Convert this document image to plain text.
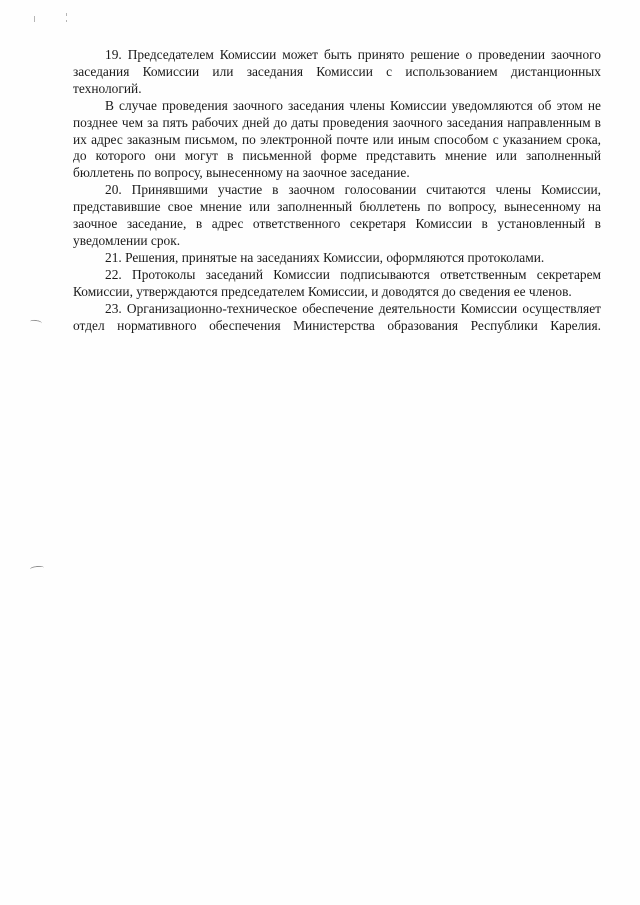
19. Председателем Комиссии может быть принято решение о проведении заочного заседания Комиссии или заседания Комиссии с использованием дистанционных технологий.

В случае проведения заочного заседания члены Комиссии уведомляются об этом не позднее чем за пять рабочих дней до даты проведения заочного заседания направленным в их адрес заказным письмом, по электронной почте или иным способом с указанием срока, до которого они могут в письменной форме представить мнение или заполненный бюллетень по вопросу, вынесенному на заочное заседание.

20. Принявшими участие в заочном голосовании считаются члены Комиссии, представившие свое мнение или заполненный бюллетень по вопросу, вынесенному на заочное заседание, в адрес ответственного секретаря Комиссии в установленный в уведомлении срок.

21. Решения, принятые на заседаниях Комиссии, оформляются протоколами.

22. Протоколы заседаний Комиссии подписываются ответственным секретарем Комиссии, утверждаются председателем Комиссии, и доводятся до сведения ее членов.

23. Организационно-техническое обеспечение деятельности Комиссии осуществляет отдел нормативного обеспечения Министерства образования Республики Карелия.
